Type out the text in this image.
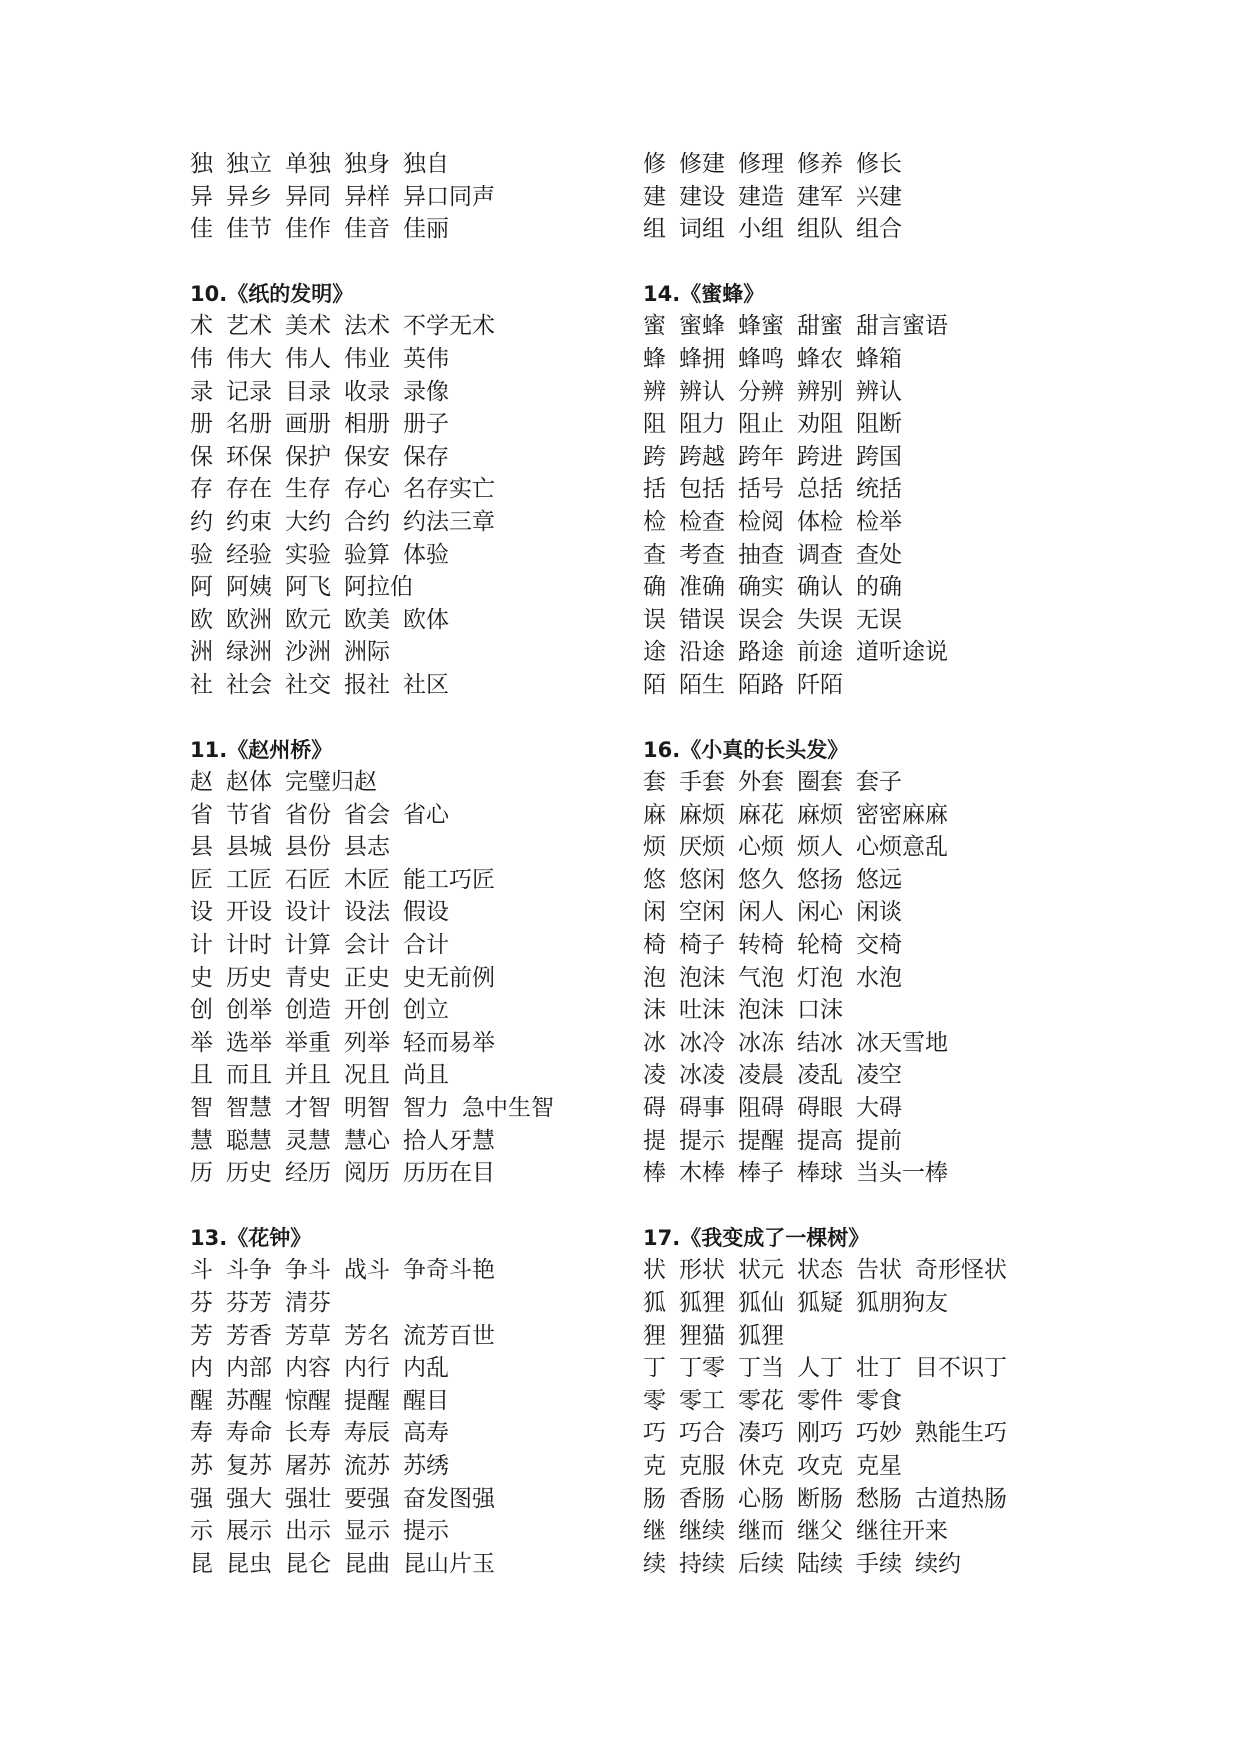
独 独立 单独 独身 独自
异 异乡 异同 异样 异口同声
佳 佳节 佳作 佳音 佳丽
10.《纸的发明》
术 艺术 美术 法术 不学无术
伟 伟大 伟人 伟业 英伟
录 记录 目录 收录 录像
册 名册 画册 相册 册子
保 环保 保护 保安 保存
存 存在 生存 存心 名存实亡
约 约束 大约 合约 约法三章
验 经验 实验 验算 体验
阿 阿姨 阿飞 阿拉伯
欧 欧洲 欧元 欧美 欧体
洲 绿洲 沙洲 洲际
社 社会 社交 报社 社区
11.《赵州桥》
赵 赵体 完璧归赵
省 节省 省份 省会 省心
县 县城 县份 县志
匠 工匠 石匠 木匠 能工巧匠
设 开设 设计 设法 假设
计 计时 计算 会计 合计
史 历史 青史 正史 史无前例
创 创举 创造 开创 创立
举 选举 举重 列举 轻而易举
且 而且 并且 况且 尚且
智 智慧 才智 明智 智力 急中生智
慧 聪慧 灵慧 慧心 拾人牙慧
历 历史 经历 阅历 历历在目
13.《花钟》
斗 斗争 争斗 战斗 争奇斗艳
芬 芬芳 清芬
芳 芳香 芳草 芳名 流芳百世
内 内部 内容 内行 内乱
醒 苏醒 惊醒 提醒 醒目
寿 寿命 长寿 寿辰 高寿
苏 复苏 屠苏 流苏 苏绣
强 强大 强壮 要强 奋发图强
示 展示 出示 显示 提示
昆 昆虫 昆仑 昆曲 昆山片玉
修 修建 修理 修养 修长
建 建设 建造 建军 兴建
组 词组 小组 组队 组合
14.《蜜蜂》
蜜 蜜蜂 蜂蜜 甜蜜 甜言蜜语
蜂 蜂拥 蜂鸣 蜂农 蜂箱
辨 辨认 分辨 辨别 辨认
阻 阻力 阻止 劝阻 阻断
跨 跨越 跨年 跨进 跨国
括 包括 括号 总括 统括
检 检查 检阅 体检 检举
查 考查 抽查 调查 查处
确 准确 确实 确认 的确
误 错误 误会 失误 无误
途 沿途 路途 前途 道听途说
陌 陌生 陌路 阡陌
16.《小真的长头发》
套 手套 外套 圈套 套子
麻 麻烦 麻花 麻烦 密密麻麻
烦 厌烦 心烦 烦人心烦意乱
悠 悠闲 悠久 悠扬 悠远
闲 空闲 闲人 闲心 闲谈
椅 椅子 转椅 轮椅 交椅
泡 泡沫 气泡 灯泡 水泡
沫 吐沫 泡沫 口沫
冰 冰冷 冰冻 结冰 冰天雪地
凌 冰凌 凌晨 凌乱 凌空
碍 碍事 阻碍 碍眼 大碍
提 提示 提醒 提高 提前
棒 木棒 棒子 棒球 当头一棒
17.《我变成了一棵树》
状 形状 状元 状态 告状 奇形怪状
狐 狐狸 狐仙 狐疑 狐朋狗友
狸 狸猫 狐狸
丁 丁零 丁当 人丁 壮丁 目不识丁
零 零工 零花 零件 零食
巧 巧合 凑巧 刚巧 巧妙 熟能生巧
克 克服 休克 攻克 克星
肠 香肠 心肠 断肠 愁肠 古道热肠
继 继续 继而 继父 继往开来
续 持续 后续 陆续 手续 续约
